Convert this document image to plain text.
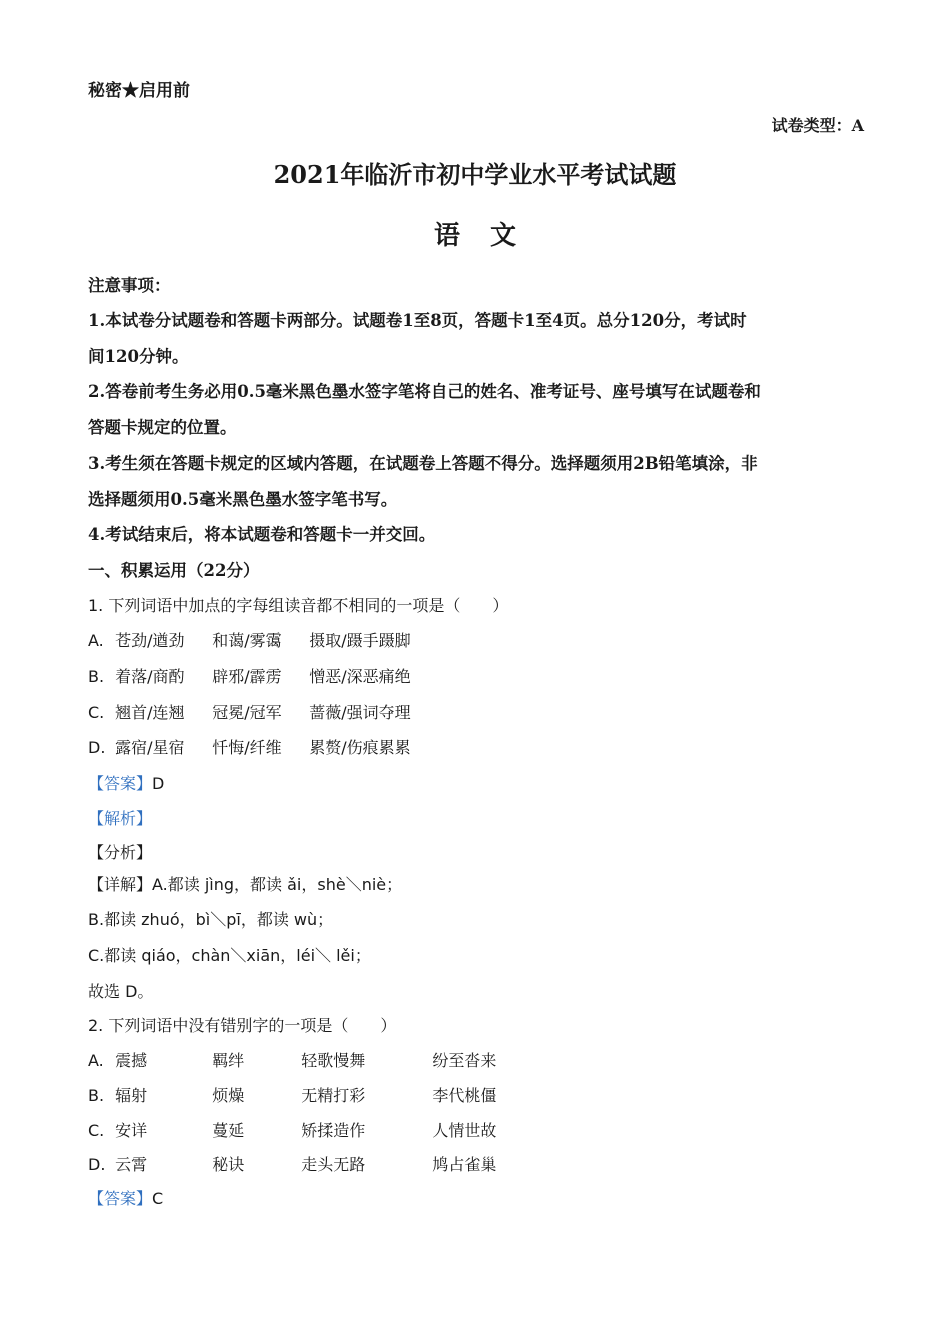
秘密★启用前
试卷类型：A
2021年临沂市初中学业水平考试试题
语文
注意事项：
1.本试卷分试题卷和答题卡两部分。试题卷1至8页，答题卡1至4页。总分120分，考试时
间120分钟。
2.答卷前考生务必用0.5毫米黑色墨水签字笔将自己的姓名、准考证号、座号填写在试题卷和
答题卡规定的位置。
3.考生须在答题卡规定的区域内答题，在试题卷上答题不得分。选择题须用2B铅笔填涂，非
选择题须用0.5毫米黑色墨水签字笔书写。
4.考试结束后，将本试题卷和答题卡一并交回。
一、积累运用（22分）
1. 下列词语中加点的字每组读音都不相同的一项是（　　）
A. 苍劲/遒劲 和蔼/雾霭 摄取/蹑手蹑脚
B. 着落/商酌 辟邪/霹雳 憎恶/深恶痛绝
C. 翘首/连翘 冠冕/冠军 蔷薇/强词夺理
D. 露宿/星宿 忏悔/纤维 累赘/伤痕累累
【答案】D
【解析】
【分析】
【详解】A.都读 jìng，都读 ǎi，shè＼niè；
B.都读 zhuó，bì＼pī，都读 wù；
C.都读 qiáo，chàn＼xiān，léi＼ lěi；
故选 D。
2. 下列词语中没有错别字的一项是（　　）
A. 震撼	羁绊	轻歌慢舞	纷至沓来
B. 辐射	烦燥	无精打彩	李代桃僵
C. 安详	蔓延	矫揉造作	人情世故
D. 云霄	秘诀	走头无路	鸠占雀巢
【答案】C
